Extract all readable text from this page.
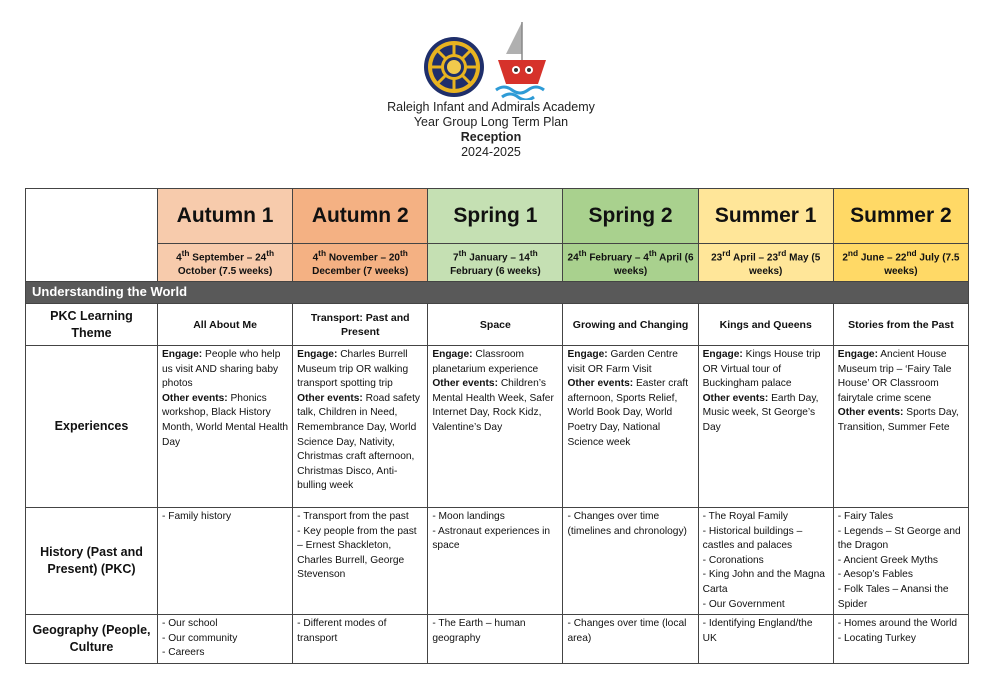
Raleigh Infant and Admirals Academy
Year Group Long Term Plan
Reception
2024-2025
	Autumn 1	Autumn 2	Spring 1	Spring 2	Summer 1	Summer 2
	4th September – 24th October (7.5 weeks)	4th November – 20th December (7 weeks)	7th January – 14th February (6 weeks)	24th February – 4th April (6 weeks)	23rd April – 23rd May (5 weeks)	2nd June – 22nd July (7.5 weeks)
Understanding the World						
PKC Learning Theme	All About Me	Transport: Past and Present	Space	Growing and Changing	Kings and Queens	Stories from the Past
Experiences	Engage: People who help us visit AND sharing baby photos
Other events: Phonics workshop, Black History Month, World Mental Health Day	Engage: Charles Burrell Museum trip OR walking transport spotting trip
Other events: Road safety talk, Children in Need, Remembrance Day, World Science Day, Nativity, Christmas craft afternoon, Christmas Disco, Anti-bulling week	Engage: Classroom planetarium experience
Other events: Children’s Mental Health Week, Safer Internet Day, Rock Kidz, Valentine’s Day	Engage: Garden Centre visit OR Farm Visit
Other events: Easter craft afternoon, Sports Relief, World Book Day, World Poetry Day, National Science week	Engage: Kings House trip OR Virtual tour of Buckingham palace
Other events: Earth Day, Music week, St George’s Day	Engage: Ancient House Museum trip – ‘Fairy Tale House’ OR Classroom fairytale crime scene
Other events: Sports Day, Transition, Summer Fete
History (Past and Present) (PKC)	- Family history	- Transport from the past
- Key people from the past – Ernest Shackleton, Charles Burrell, George Stevenson	- Moon landings
- Astronaut experiences in space	- Changes over time (timelines and chronology)	- The Royal Family
- Historical buildings – castles and palaces
- Coronations
- King John and the Magna Carta
- Our Government	- Fairy Tales
- Legends – St George and the Dragon
- Ancient Greek Myths
- Aesop’s Fables
- Folk Tales – Anansi the Spider

Geography (People, Culture	- Our school
- Our community
- Careers	- Different modes of transport	- The Earth – human geography	- Changes over time (local area)	- Identifying England/the UK	- Homes around the World
- Locating Turkey
